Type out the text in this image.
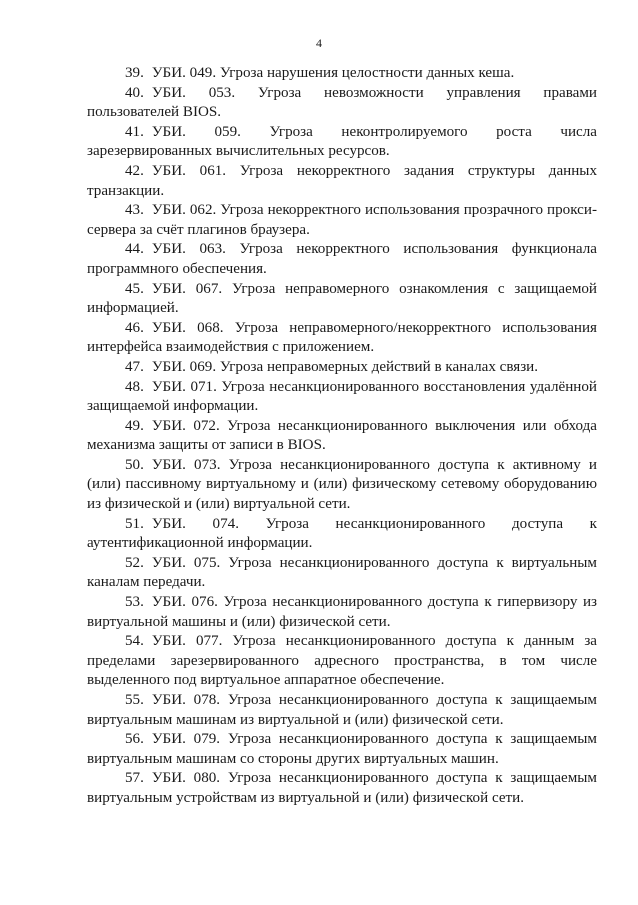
4
39. УБИ. 049. Угроза нарушения целостности данных кеша.
40. УБИ. 053. Угроза невозможности управления правами пользователей BIOS.
41. УБИ. 059. Угроза неконтролируемого роста числа зарезервированных вычислительных ресурсов.
42. УБИ. 061. Угроза некорректного задания структуры данных транзакции.
43. УБИ. 062. Угроза некорректного использования прозрачного прокси-сервера за счёт плагинов браузера.
44. УБИ. 063. Угроза некорректного использования функционала программного обеспечения.
45. УБИ. 067. Угроза неправомерного ознакомления с защищаемой информацией.
46. УБИ. 068. Угроза неправомерного/некорректного использования интерфейса взаимодействия с приложением.
47. УБИ. 069. Угроза неправомерных действий в каналах связи.
48. УБИ. 071. Угроза несанкционированного восстановления удалённой защищаемой информации.
49. УБИ. 072. Угроза несанкционированного выключения или обхода механизма защиты от записи в BIOS.
50. УБИ. 073. Угроза несанкционированного доступа к активному и (или) пассивному виртуальному и (или) физическому сетевому оборудованию из физической и (или) виртуальной сети.
51. УБИ. 074. Угроза несанкционированного доступа к аутентификационной информации.
52. УБИ. 075. Угроза несанкционированного доступа к виртуальным каналам передачи.
53. УБИ. 076. Угроза несанкционированного доступа к гипервизору из виртуальной машины и (или) физической сети.
54. УБИ. 077. Угроза несанкционированного доступа к данным за пределами зарезервированного адресного пространства, в том числе выделенного под виртуальное аппаратное обеспечение.
55. УБИ. 078. Угроза несанкционированного доступа к защищаемым виртуальным машинам из виртуальной и (или) физической сети.
56. УБИ. 079. Угроза несанкционированного доступа к защищаемым виртуальным машинам со стороны других виртуальных машин.
57. УБИ. 080. Угроза несанкционированного доступа к защищаемым виртуальным устройствам из виртуальной и (или) физической сети.
